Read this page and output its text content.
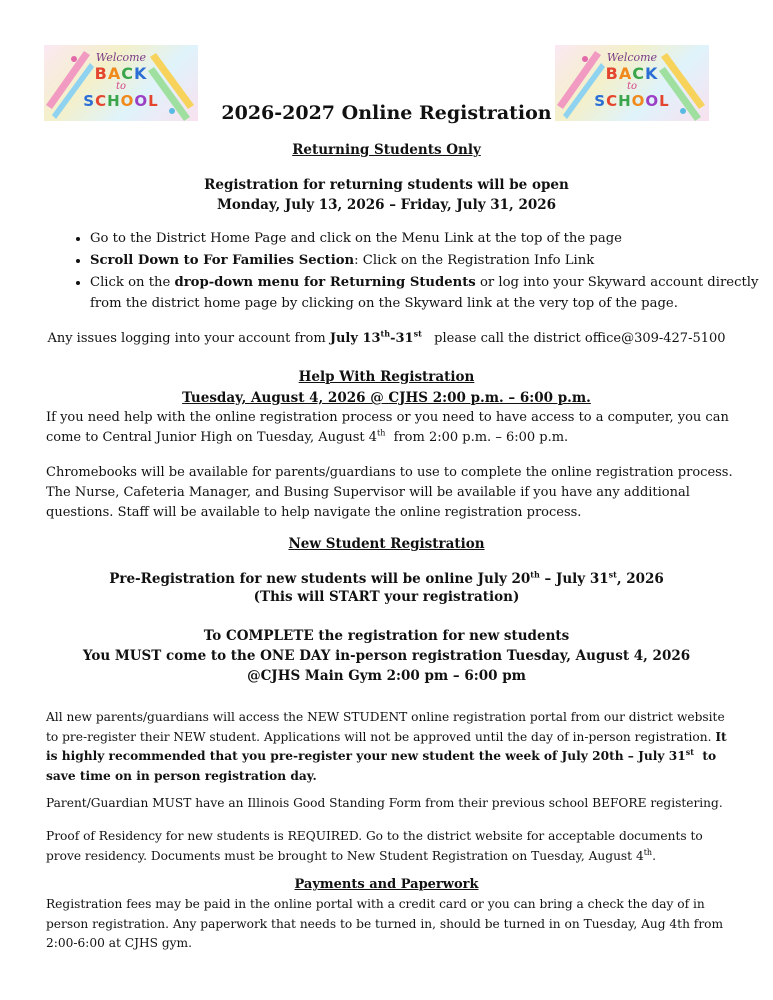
Welcome
BACK
to
SCHOOL
Welcome
BACK
to
SCHOOL
2026-2027 Online Registration
Returning Students Only
Registration for returning students will be open
Monday, July 13, 2026 – Friday, July 31, 2026
• Go to the District Home Page and click on the Menu Link at the top of the page
• Scroll Down to For Families Section: Click on the Registration Info Link
• Click on the drop-down menu for Returning Students or log into your Skyward account directly from the district home page by clicking on the Skyward link at the very top of the page.
Any issues logging into your account from July 13th-31st   please call the district office@309-427-5100
Help With Registration
Tuesday, August 4, 2026 @ CJHS 2:00 p.m. – 6:00 p.m.
If you need help with the online registration process or you need to have access to a computer, you can come to Central Junior High on Tuesday, August 4th  from 2:00 p.m. – 6:00 p.m.
Chromebooks will be available for parents/guardians to use to complete the online registration process. The Nurse, Cafeteria Manager, and Busing Supervisor will be available if you have any additional questions. Staff will be available to help navigate the online registration process.
New Student Registration
Pre-Registration for new students will be online July 20th – July 31st, 2026
(This will START your registration)
To COMPLETE the registration for new students
You MUST come to the ONE DAY in-person registration Tuesday, August 4, 2026
@CJHS Main Gym 2:00 pm – 6:00 pm
All new parents/guardians will access the NEW STUDENT online registration portal from our district website to pre-register their NEW student. Applications will not be approved until the day of in-person registration. It is highly recommended that you pre-register your new student the week of July 20th – July 31st  to save time on in person registration day.
Parent/Guardian MUST have an Illinois Good Standing Form from their previous school BEFORE registering.
Proof of Residency for new students is REQUIRED. Go to the district website for acceptable documents to prove residency. Documents must be brought to New Student Registration on Tuesday, August 4th.
Payments and Paperwork
Registration fees may be paid in the online portal with a credit card or you can bring a check the day of in person registration. Any paperwork that needs to be turned in, should be turned in on Tuesday, Aug 4th from 2:00-6:00 at CJHS gym.
